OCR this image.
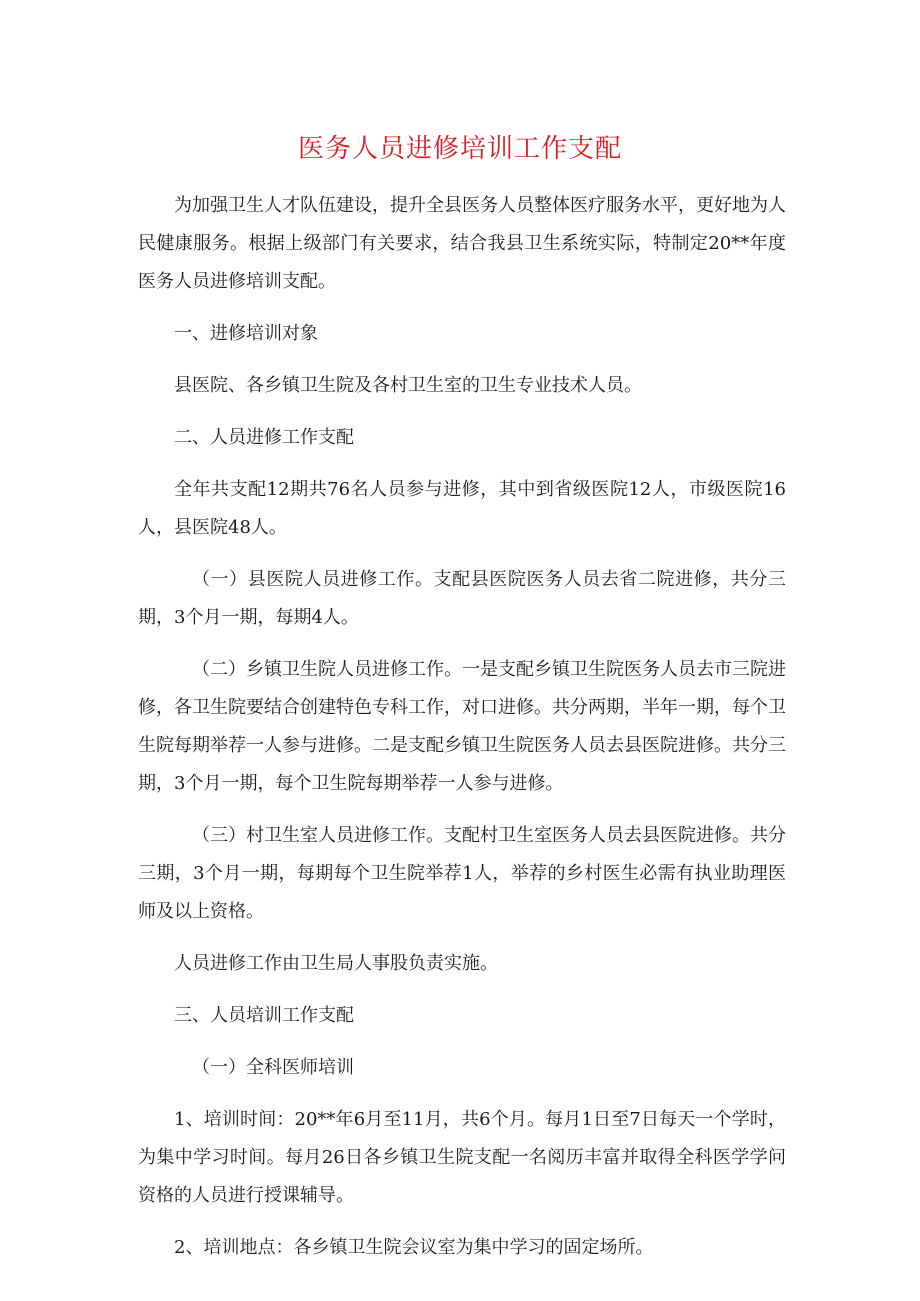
医务人员进修培训工作支配

为加强卫生人才队伍建设，提升全县医务人员整体医疗服务水平，更好地为人民健康服务。根据上级部门有关要求，结合我县卫生系统实际，特制定20**年度医务人员进修培训支配。

一、进修培训对象

县医院、各乡镇卫生院及各村卫生室的卫生专业技术人员。

二、人员进修工作支配

全年共支配12期共76名人员参与进修，其中到省级医院12人，市级医院16人，县医院48人。

（一）县医院人员进修工作。支配县医院医务人员去省二院进修，共分三期，3个月一期，每期4人。

（二）乡镇卫生院人员进修工作。一是支配乡镇卫生院医务人员去市三院进修，各卫生院要结合创建特色专科工作，对口进修。共分两期，半年一期，每个卫生院每期举荐一人参与进修。二是支配乡镇卫生院医务人员去县医院进修。共分三期，3个月一期，每个卫生院每期举荐一人参与进修。

（三）村卫生室人员进修工作。支配村卫生室医务人员去县医院进修。共分三期，3个月一期，每期每个卫生院举荐1人，举荐的乡村医生必需有执业助理医师及以上资格。

人员进修工作由卫生局人事股负责实施。

三、人员培训工作支配

（一）全科医师培训

1、培训时间：20**年6月至11月，共6个月。每月1日至7日每天一个学时，为集中学习时间。每月26日各乡镇卫生院支配一名阅历丰富并取得全科医学学问资格的人员进行授课辅导。

2、培训地点：各乡镇卫生院会议室为集中学习的固定场所。
